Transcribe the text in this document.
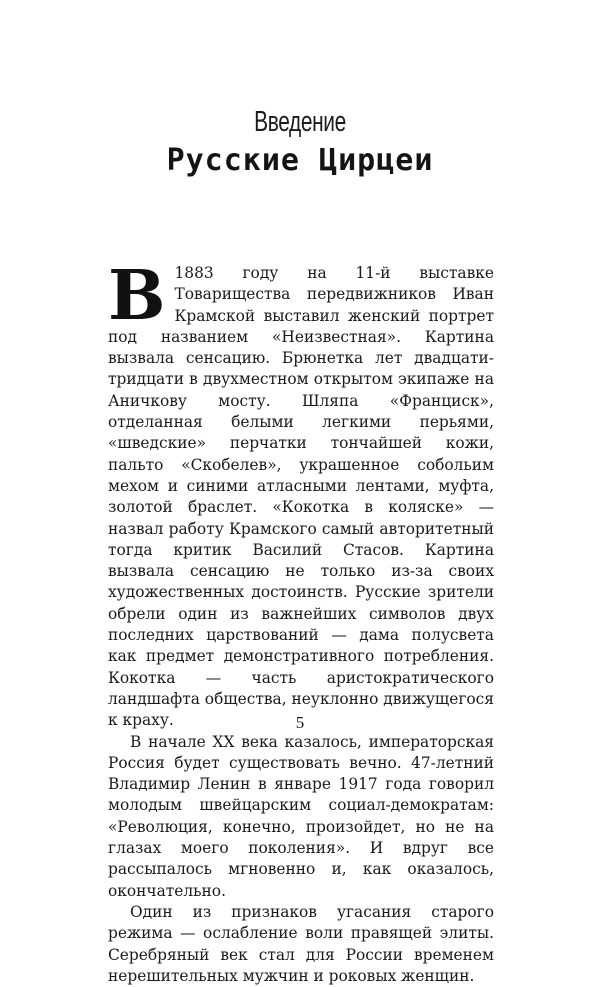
Введение
Русские Цирцеи

В 1883 году на 11-й выставке Товарищества передвижников Иван Крамской выставил женский портрет под названием «Неизвестная». Картина вызвала сенсацию. Брюнетка лет двадцати-тридцати в двухместном открытом экипаже на Аничкову мосту. Шляпа «Франциск», отделанная белыми легкими перьями, «шведские» перчатки тончайшей кожи, пальто «Скобелев», украшенное собольим мехом и синими атласными лентами, муфта, золотой браслет. «Кокотка в коляске» — назвал работу Крамского самый авторитетный тогда критик Василий Стасов. Картина вызвала сенсацию не только из-за своих художественных достоинств. Русские зрители обрели один из важнейших символов двух последних царствований — дама полусвета как предмет демонстративного потребления. Кокотка — часть аристократического ландшафта общества, неуклонно движущегося к краху.

В начале XX века казалось, императорская Россия будет существовать вечно. 47-летний Владимир Ленин в январе 1917 года говорил молодым швейцарским социал-демократам: «Революция, конечно, произойдет, но не на глазах моего поколения». И вдруг все рассыпалось мгновенно и, как оказалось, окончательно.

Один из признаков угасания старого режима — ослабление воли правящей элиты. Серебряный век стал для России временем нерешительных мужчин и роковых женщин.

5
